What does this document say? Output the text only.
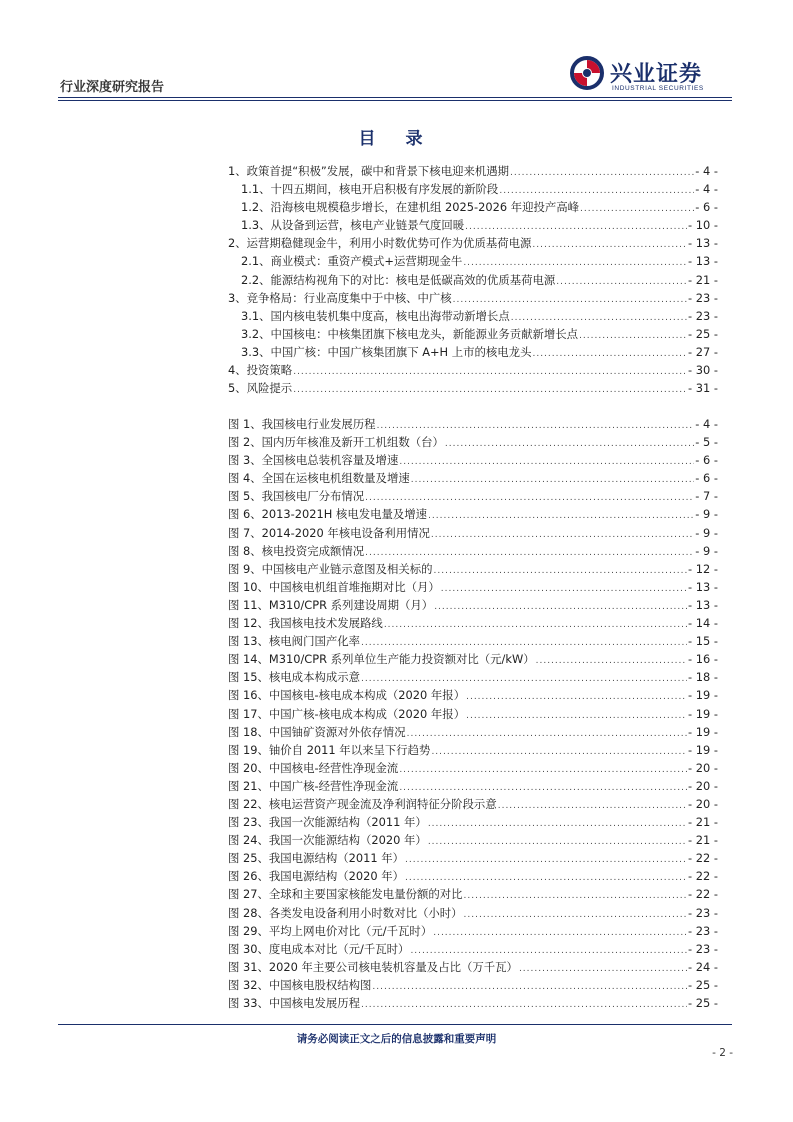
行业深度研究报告
兴业证券
INDUSTRIAL SECURITIES
目 录
1、政策首提“积极”发展，碳中和背景下核电迎来机遇期 .....	- 4 -
1.1、十四五期间，核电开启积极有序发展的新阶段 .....	- 4 -
1.2、沿海核电规模稳步增长，在建机组 2025-2026 年迎投产高峰 .....	- 6 -
1.3、从设备到运营，核电产业链景气度回暖 .....	- 10 -
2、运营期稳健现金牛，利用小时数优势可作为优质基荷电源 .....	- 13 -
2.1、商业模式：重资产模式+运营期现金牛 .....	- 13 -
2.2、能源结构视角下的对比：核电是低碳高效的优质基荷电源 .....	- 21 -
3、竞争格局：行业高度集中于中核、中广核 .....	- 23 -
3.1、国内核电装机集中度高，核电出海带动新增长点 .....	- 23 -
3.2、中国核电：中核集团旗下核电龙头，新能源业务贡献新增长点 .....	- 25 -
3.3、中国广核：中国广核集团旗下 A+H 上市的核电龙头 .....	- 27 -
4、投资策略 .....	- 30 -
5、风险提示 .....	- 31 -
图 1、我国核电行业发展历程 .....	- 4 -
图 2、国内历年核准及新开工机组数（台） .....	- 5 -
图 3、全国核电总装机容量及增速 .....	- 6 -
图 4、全国在运核电机组数量及增速 .....	- 6 -
图 5、我国核电厂分布情况 .....	- 7 -
图 6、2013-2021H 核电发电量及增速 .....	- 9 -
图 7、2014-2020 年核电设备利用情况 .....	- 9 -
图 8、核电投资完成额情况 .....	- 9 -
图 9、中国核电产业链示意图及相关标的 .....	- 12 -
图 10、中国核电机组首堆拖期对比（月） .....	- 13 -
图 11、M310/CPR 系列建设周期（月） .....	- 13 -
图 12、我国核电技术发展路线 .....	- 14 -
图 13、核电阀门国产化率 .....	- 15 -
图 14、M310/CPR 系列单位生产能力投资额对比（元/kW） .....	- 16 -
图 15、核电成本构成示意 .....	- 18 -
图 16、中国核电-核电成本构成（2020 年报） .....	- 19 -
图 17、中国广核-核电成本构成（2020 年报） .....	- 19 -
图 18、中国铀矿资源对外依存情况 .....	- 19 -
图 19、铀价自 2011 年以来呈下行趋势 .....	- 19 -
图 20、中国核电-经营性净现金流 .....	- 20 -
图 21、中国广核-经营性净现金流 .....	- 20 -
图 22、核电运营资产现金流及净利润特征分阶段示意 .....	- 20 -
图 23、我国一次能源结构（2011 年） .....	- 21 -
图 24、我国一次能源结构（2020 年） .....	- 21 -
图 25、我国电源结构（2011 年） .....	- 22 -
图 26、我国电源结构（2020 年） .....	- 22 -
图 27、全球和主要国家核能发电量份额的对比 .....	- 22 -
图 28、各类发电设备利用小时数对比（小时） .....	- 23 -
图 29、平均上网电价对比（元/千瓦时） .....	- 23 -
图 30、度电成本对比（元/千瓦时） .....	- 23 -
图 31、2020 年主要公司核电装机容量及占比（万千瓦） .....	- 24 -
图 32、中国核电股权结构图 .....	- 25 -
图 33、中国核电发展历程 .....	- 25 -
请务必阅读正文之后的信息披露和重要声明
- 2 -
